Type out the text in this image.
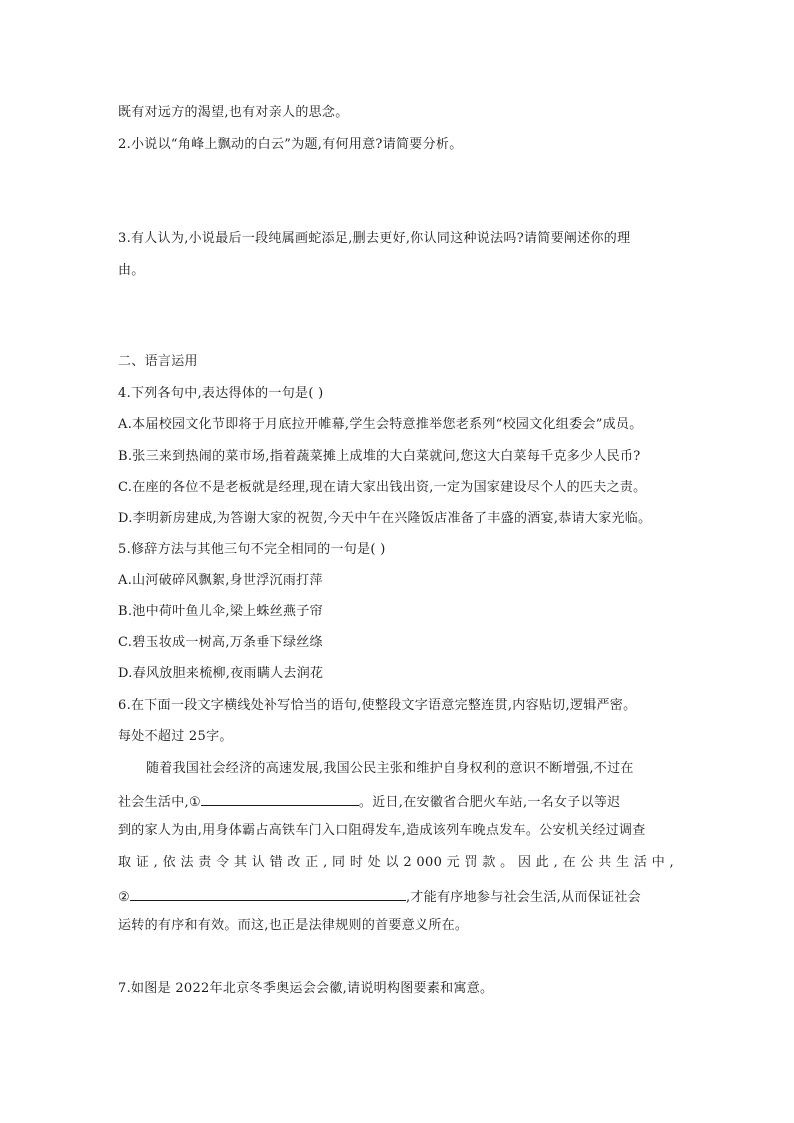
既有对远方的渴望,也有对亲人的思念。
2.小说以“角峰上飘动的白云”为题,有何用意?请简要分析。
3.有人认为,小说最后一段纯属画蛇添足,删去更好,你认同这种说法吗?请简要阐述你的理
由。
二、语言运用
4.下列各句中,表达得体的一句是( )
A.本届校园文化节即将于月底拉开帷幕,学生会特意推举您老系列“校园文化组委会”成员。
B.张三来到热闹的菜市场,指着蔬菜摊上成堆的大白菜就问,您这大白菜每千克多少人民币?
C.在座的各位不是老板就是经理,现在请大家出钱出资,一定为国家建设尽个人的匹夫之责。
D.李明新房建成,为答谢大家的祝贺,今天中午在兴隆饭店准备了丰盛的酒宴,恭请大家光临。
5.修辞方法与其他三句不完全相同的一句是( )
A.山河破碎风飘絮,身世浮沉雨打萍
B.池中荷叶鱼儿伞,梁上蛛丝燕子帘
C.碧玉妆成一树高,万条垂下绿丝绦
D.春风放胆来梳柳,夜雨瞒人去润花
6.在下面一段文字横线处补写恰当的语句,使整段文字语意完整连贯,内容贴切,逻辑严密。
每处不超过 25字。
随着我国社会经济的高速发展,我国公民主张和维护自身权利的意识不断增强,不过在
社会生活中,①	。近日,在安徽省合肥火车站,一名女子以等迟
到的家人为由,用身体霸占高铁车门入口阻碍发车,造成该列车晚点发车。公安机关经过调查
取 证 , 依 法 责 令 其 认 错 改 正 , 同 时 处 以 2 000 元 罚 款 。 因 此 , 在 公 共 生 活 中 ,
②	,才能有序地参与社会生活,从而保证社会
运转的有序和有效。而这,也正是法律规则的首要意义所在。
7.如图是 2022年北京冬季奥运会会徽,请说明构图要素和寓意。
